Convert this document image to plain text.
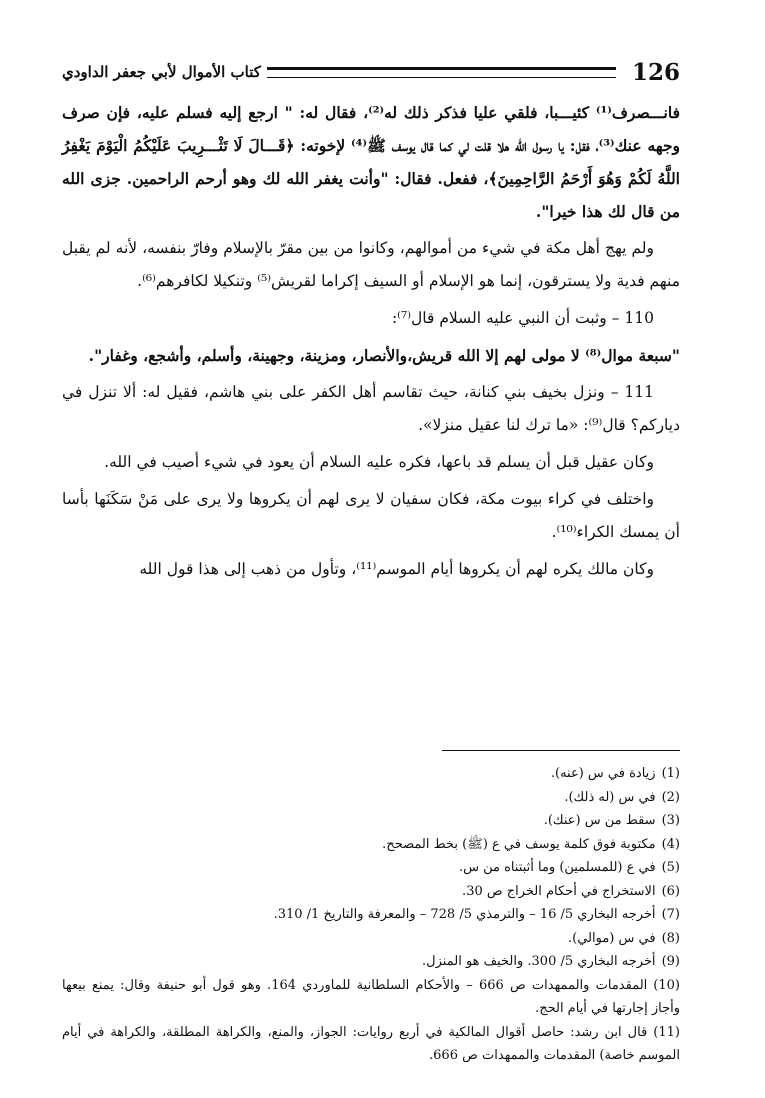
126
كتاب الأموال لأبي جعفر الداودي

فانـــصرف⁽¹⁾ كئيـــبا، فلقي عليا فذكر ذلك له⁽²⁾، فقال له: " ارجع إليه فسلم عليه، فإن صرف وجهه عنك⁽³⁾، فقل: يا رسول الله هلا قلت لي كما قال يوسف ﷺ⁽⁴⁾ لإخوته: ﴿قَـــالَ لَا تَثْـــرِيبَ عَلَيْكُمُ الْيَوْمَ يَغْفِرُ اللَّهُ لَكُمْ وَهُوَ أَرْحَمُ الرَّاحِمِينَ﴾، ففعل. فقال: "وأنت يغفر الله لك وهو أرحم الراحمين. جزى الله من قال لك هذا خيرا".

ولم يهج أهل مكة في شيء من أموالهم، وكانوا من بين مقرّ بالإسلام وفارّ بنفسه، لأنه لم يقبل منهم فدية ولا يسترقون، إنما هو الإسلام أو السيف إكراما لقريش⁽⁵⁾ وتنكيلا لكافرهم⁽⁶⁾.

110 – وثبت أن النبي عليه السلام قال⁽⁷⁾:

"سبعة موال⁽⁸⁾ لا مولى لهم إلا الله قريش،والأنصار، ومزينة، وجهينة، وأسلم، وأشجع، وغفار".

111 – ونزل بخيف بني كنانة، حيث تقاسم أهل الكفر على بني هاشم، فقيل له: ألا تنزل في دياركم؟ قال⁽⁹⁾: «ما ترك لنا عقيل منزلا».

وكان عقيل قبل أن يسلم قد باعها، فكره عليه السلام أن يعود في شيء أصيب في الله.

واختلف في كراء بيوت مكة، فكان سفيان لا يرى لهم أن يكروها ولا يرى على مَنْ سَكَنَها بأسا أن يمسك الكراء⁽¹⁰⁾.

وكان مالك يكره لهم أن يكروها أيام الموسم⁽¹¹⁾، وتأول من ذهب إلى هذا قول الله

(1)زيادة في س (عنه).

(2)في س (له ذلك).

(3)سقط من س (عنك).

(4)مكتوبة فوق كلمة يوسف في ع (ﷺ) بخط المصحح.

(5)في ع (للمسلمين) وما أثبتناه من س.

(6)الاستخراج في أحكام الخراج ص 30.

(7)أخرجه البخاري 5/ 16 – والترمذي 5/ 728 – والمعرفة والتاريخ 1/ 310.

(8)في س (موالي).

(9)أخرجه البخاري 5/ 300. والخيف هو المنزل.

(10)المقدمات والممهدات ص 666 – والأحكام السلطانية للماوردي 164. وهو قول أبو حنيفة وقال: يمنع بيعها وأجاز إجارتها في أيام الحج.

(11)قال ابن رشد: حاصل أقوال المالكية في أربع روايات: الجواز، والمنع، والكراهة المطلقة، والكراهة في أيام الموسم خاصة) المقدمات والممهدات ص 666.
